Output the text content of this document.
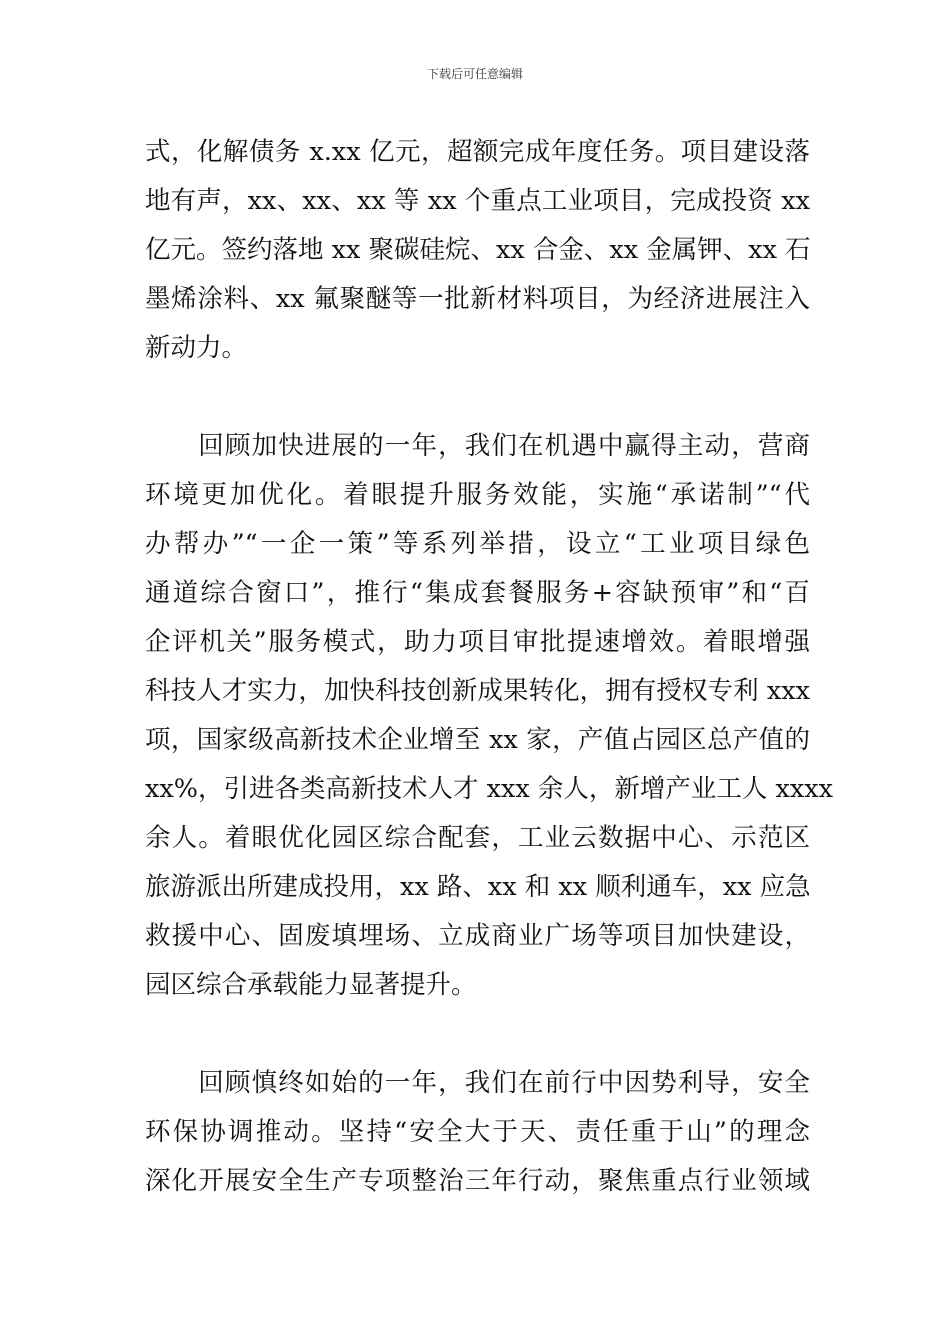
下载后可任意编辑

式，化解债务 x.xx 亿元，超额完成年度任务。项目建设落
地有声，xx、xx、xx 等 xx 个重点工业项目，完成投资 xx
亿元。签约落地 xx 聚碳硅烷、xx 合金、xx 金属钾、xx 石
墨烯涂料、xx 氟聚醚等一批新材料项目，为经济进展注入
新动力。

　　回顾加快进展的一年，我们在机遇中赢得主动，营商
环境更加优化。着眼提升服务效能，实施“承诺制”“代
办帮办”“一企一策”等系列举措，设立“工业项目绿色
通道综合窗口”，推行“集成套餐服务+容缺预审”和“百
企评机关”服务模式，助力项目审批提速增效。着眼增强
科技人才实力，加快科技创新成果转化，拥有授权专利 xxx
项，国家级高新技术企业增至 xx 家，产值占园区总产值的
xx%，引进各类高新技术人才 xxx 余人，新增产业工人 xxxx
余人。着眼优化园区综合配套，工业云数据中心、示范区
旅游派出所建成投用，xx 路、xx 和 xx 顺利通车，xx 应急
救援中心、固废填埋场、立成商业广场等项目加快建设，
园区综合承载能力显著提升。

　　回顾慎终如始的一年，我们在前行中因势利导，安全
环保协调推动。坚持“安全大于天、责任重于山”的理念
深化开展安全生产专项整治三年行动，聚焦重点行业领域
